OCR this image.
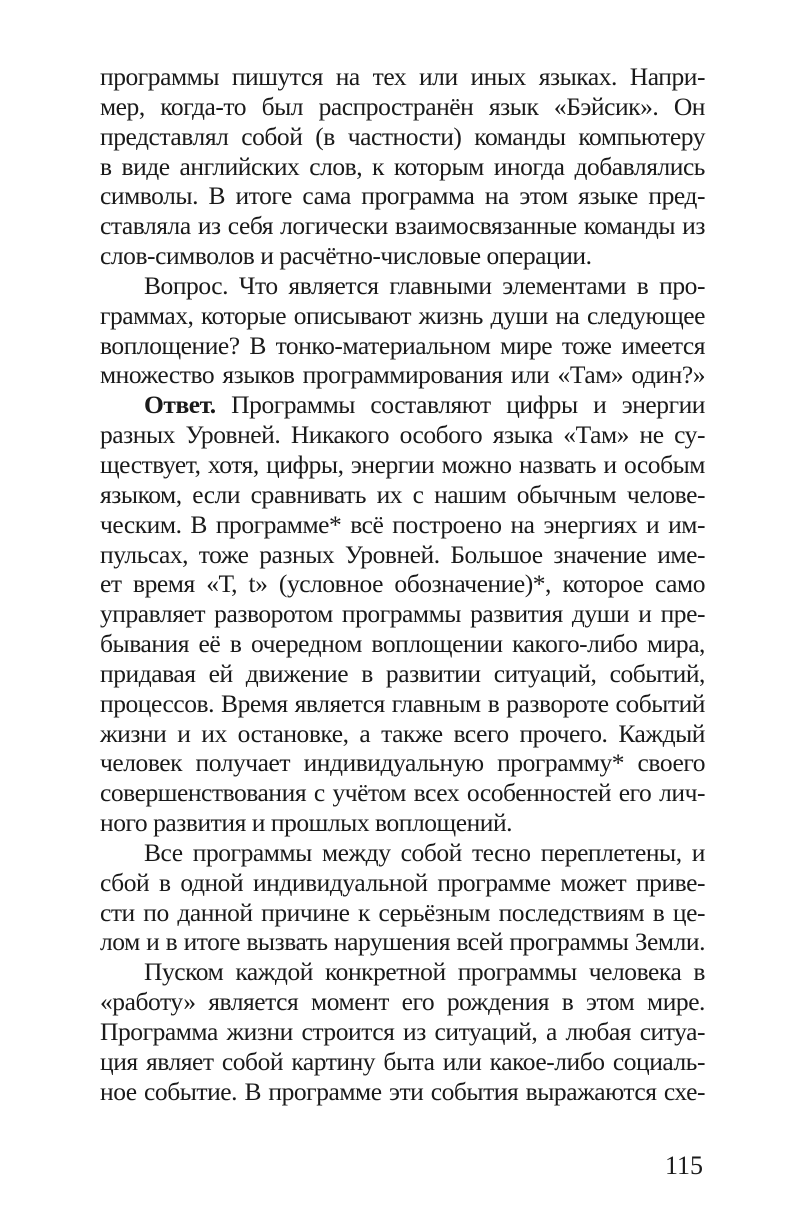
программы пишутся на тех или иных языках. Напри-
мер, когда-то был распространён язык «Бэйсик». Он
представлял собой (в частности) команды компьютеру
в виде английских слов, к которым иногда добавлялись
символы. В итоге сама программа на этом языке пред-
ставляла из себя логически взаимосвязанные команды из
слов-символов и расчётно-числовые операции.
Вопрос. Что является главными элементами в про-
граммах, которые описывают жизнь души на следующее
воплощение? В тонко-материальном мире тоже имеется
множество языков программирования или «Там» один?»
Ответ. Программы составляют цифры и энергии
разных Уровней. Никакого особого языка «Там» не су-
ществует, хотя, цифры, энергии можно назвать и особым
языком, если сравнивать их с нашим обычным челове-
ческим. В программе* всё построено на энергиях и им-
пульсах, тоже разных Уровней. Большое значение име-
ет время «Т, t» (условное обозначение)*, которое само
управляет разворотом программы развития души и пре-
бывания её в очередном воплощении какого-либо мира,
придавая ей движение в развитии ситуаций, событий,
процессов. Время является главным в развороте событий
жизни и их остановке, а также всего прочего. Каждый
человек получает индивидуальную программу* своего
совершенствования с учётом всех особенностей его лич-
ного развития и прошлых воплощений.
Все программы между собой тесно переплетены, и
сбой в одной индивидуальной программе может приве-
сти по данной причине к серьёзным последствиям в це-
лом и в итоге вызвать нарушения всей программы Земли.
Пуском каждой конкретной программы человека в
«работу» является момент его рождения в этом мире.
Программа жизни строится из ситуаций, а любая ситуа-
ция являет собой картину быта или какое-либо социаль-
ное событие. В программе эти события выражаются схе-
115
